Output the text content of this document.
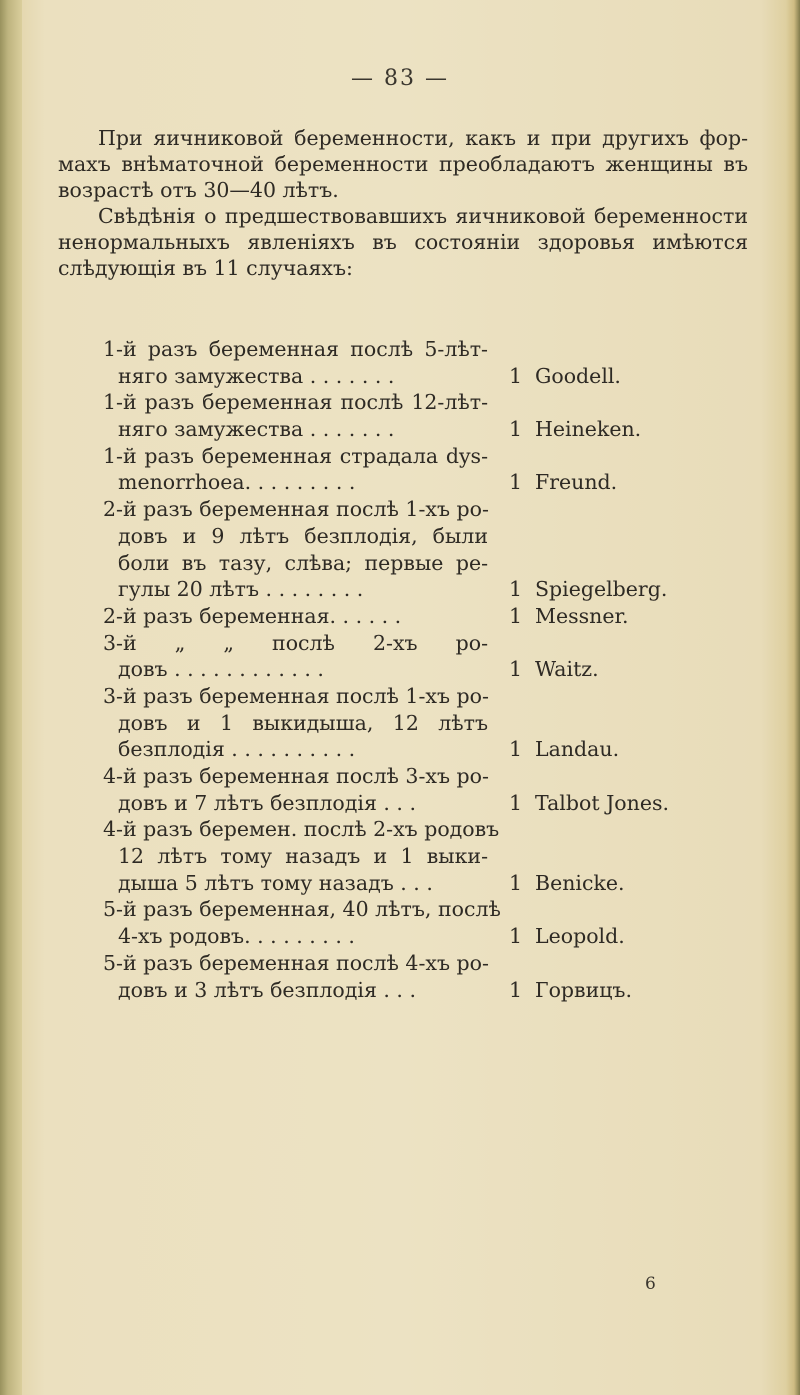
— 83 —

При яичниковой беременности, какъ и при другихъ фор-
махъ внѣматочной беременности преобладаютъ женщины въ
возрастѣ отъ 30—40 лѣтъ.

Свѣдѣнія о предшествовавшихъ яичниковой беременности
ненормальныхъ явленіяхъ въ состояніи здоровья имѣются
слѣдующія въ 11 случаяхъ:

1-й разъ беременная послѣ 5-лѣт-
няго замужества . . . . . . .	1 Goodell.
1-й разъ беременная послѣ 12-лѣт-
няго замужества . . . . . . .	1 Heineken.
1-й разъ беременная страдала dys-
menorrhoea. . . . . . . . .	1 Freund.
2-й разъ беременная послѣ 1-хъ ро-
довъ и 9 лѣтъ безплодія, были
боли въ тазу, слѣва; первые ре-
гулы 20 лѣтъ . . . . . . . .	1 Spiegelberg.
2-й разъ беременная. . . . . .	1 Messner.
3-й „ „ послѣ 2-хъ ро-
довъ . . . . . . . . . . . .	1 Waitz.
3-й разъ беременная послѣ 1-хъ ро-
довъ и 1 выкидыша, 12 лѣтъ
безплодія . . . . . . . . . .	1 Landau.
4-й разъ беременная послѣ 3-хъ ро-
довъ и 7 лѣтъ безплодія . . .	1 Talbot Jones.
4-й разъ беремен. послѣ 2-хъ родовъ
12 лѣтъ тому назадъ и 1 выки-
дыша 5 лѣтъ тому назадъ . . .	1 Benicke.
5-й разъ беременная, 40 лѣтъ, послѣ
4-хъ родовъ. . . . . . . . .	1 Leopold.
5-й разъ беременная послѣ 4-хъ ро-
довъ и 3 лѣтъ безплодія . . .	1 Горвицъ.
6
